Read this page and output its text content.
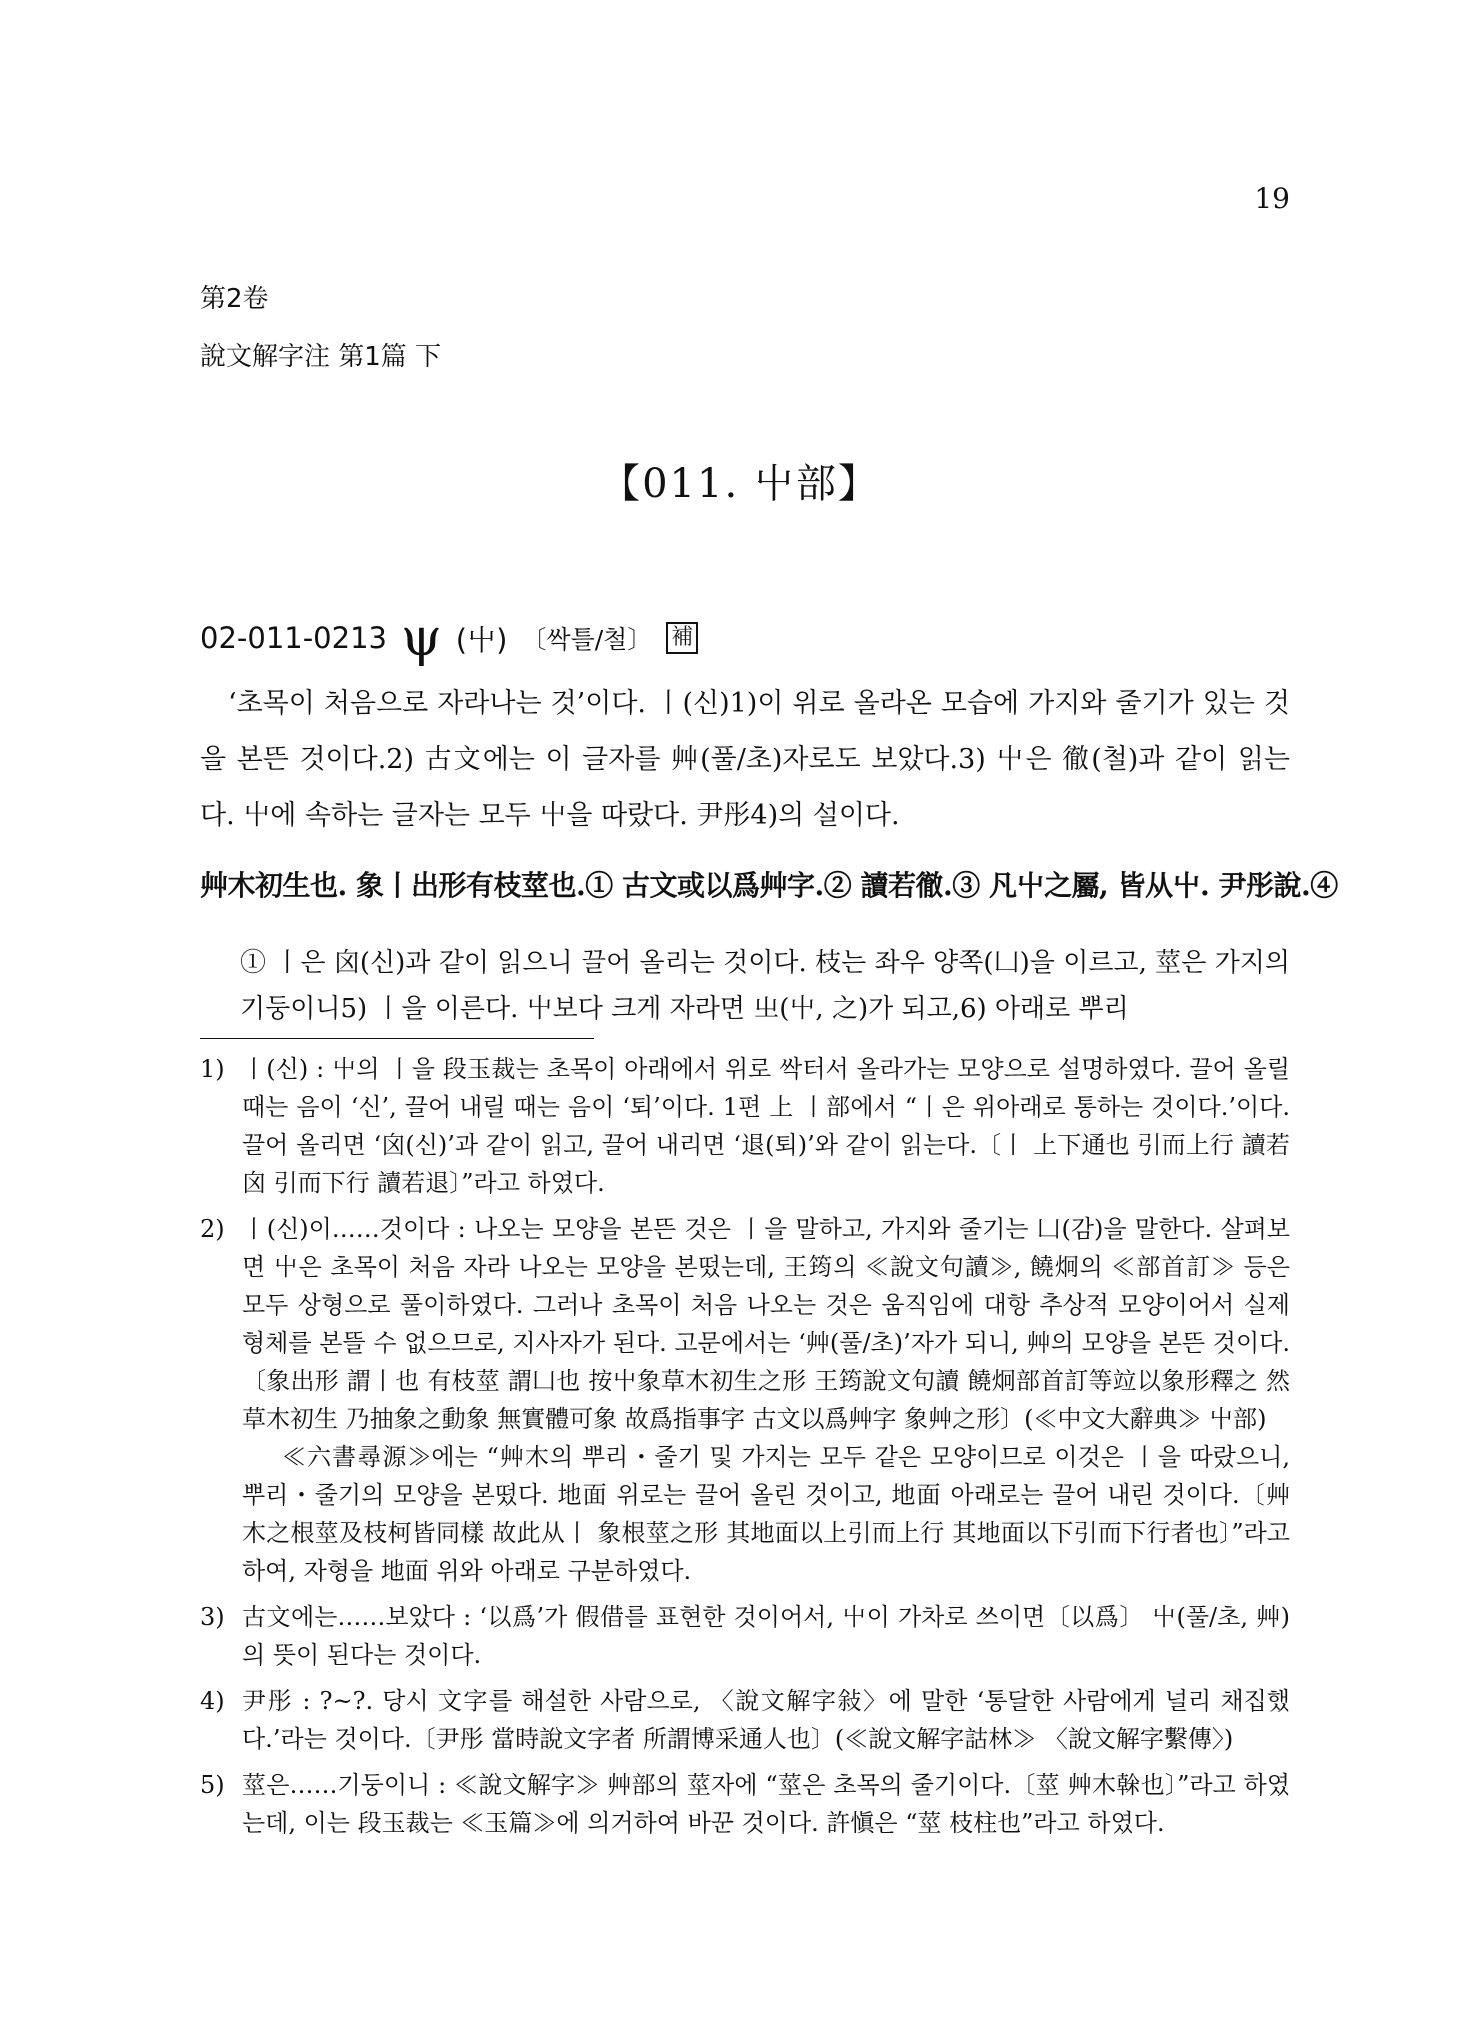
19
第2卷
說文解字注 第1篇 下
【011. 屮部】
02-011-0213 ψ (屮) 〔싹틀/철〕 補
‘초목이 처음으로 자라나는 것’이다. 丨(신)1)이 위로 올라온 모습에 가지와 줄기가 있는 것을 본뜬 것이다.2) 古文에는 이 글자를 艸(풀/초)자로도 보았다.3) 屮은 徹(철)과 같이 읽는다. 屮에 속하는 글자는 모두 屮을 따랐다. 尹彤4)의 설이다.
艸木初生也. 象丨出形有枝莖也.① 古文或以爲艸字.② 讀若徹.③ 凡屮之屬, 皆从屮. 尹彤說.④
① 丨은 囟(신)과 같이 읽으니 끌어 올리는 것이다. 枝는 좌우 양쪽(凵)을 이르고, 莖은 가지의 기둥이니5) 丨을 이른다. 屮보다 크게 자라면 㞢(屮, 之)가 되고,6) 아래로 뿌리
1) 丨(신) : 屮의 丨을 段玉裁는 초목이 아래에서 위로 싹터서 올라가는 모양으로 설명하였다. 끌어 올릴 때는 음이 ‘신’, 끌어 내릴 때는 음이 ‘퇴’이다. 1편 上 丨部에서 “丨은 위아래로 통하는 것이다.’이다. 끌어 올리면 ‘囟(신)’과 같이 읽고, 끌어 내리면 ‘退(퇴)’와 같이 읽는다.〔丨 上下通也 引而上行 讀若囟 引而下行 讀若退〕”라고 하였다.
2) 丨(신)이……것이다 : 나오는 모양을 본뜬 것은 丨을 말하고, 가지와 줄기는 凵(감)을 말한다. 살펴보면 屮은 초목이 처음 자라 나오는 모양을 본떴는데, 王筠의 ≪說文句讀≫, 饒炯의 ≪部首訂≫ 등은 모두 상형으로 풀이하였다. 그러나 초목이 처음 나오는 것은 움직임에 대항 추상적 모양이어서 실제 형체를 본뜰 수 없으므로, 지사자가 된다. 고문에서는 ‘艸(풀/초)’자가 되니, 艸의 모양을 본뜬 것이다.〔象出形 謂丨也 有枝莖 謂凵也 按屮象草木初生之形 王筠說文句讀 饒炯部首訂等竝以象形釋之 然草木初生 乃抽象之動象 無實體可象 故爲指事字 古文以爲艸字 象艸之形〕(≪中文大辭典≫ 屮部)
≪六書尋源≫에는 “艸木의 뿌리・줄기 및 가지는 모두 같은 모양이므로 이것은 丨을 따랐으니, 뿌리・줄기의 모양을 본떴다. 地面 위로는 끌어 올린 것이고, 地面 아래로는 끌어 내린 것이다.〔艸木之根莖及枝柯皆同樣 故此从丨 象根莖之形 其地面以上引而上行 其地面以下引而下行者也〕”라고 하여, 자형을 地面 위와 아래로 구분하였다.
3) 古文에는……보았다 : ‘以爲’가 假借를 표현한 것이어서, 屮이 가차로 쓰이면〔以爲〕 屮(풀/초, 艸)의 뜻이 된다는 것이다.
4) 尹彤 : ?~?. 당시 文字를 해설한 사람으로, 〈說文解字敍〉에 말한 ‘통달한 사람에게 널리 채집했다.’라는 것이다.〔尹彤 當時說文字者 所謂博采通人也〕(≪說文解字詁林≫ 〈說文解字繫傳〉)
5) 莖은……기둥이니 : ≪說文解字≫ 艸部의 莖자에 “莖은 초목의 줄기이다.〔莖 艸木榦也〕”라고 하였는데, 이는 段玉裁는 ≪玉篇≫에 의거하여 바꾼 것이다. 許愼은 “莖 枝柱也”라고 하였다.
